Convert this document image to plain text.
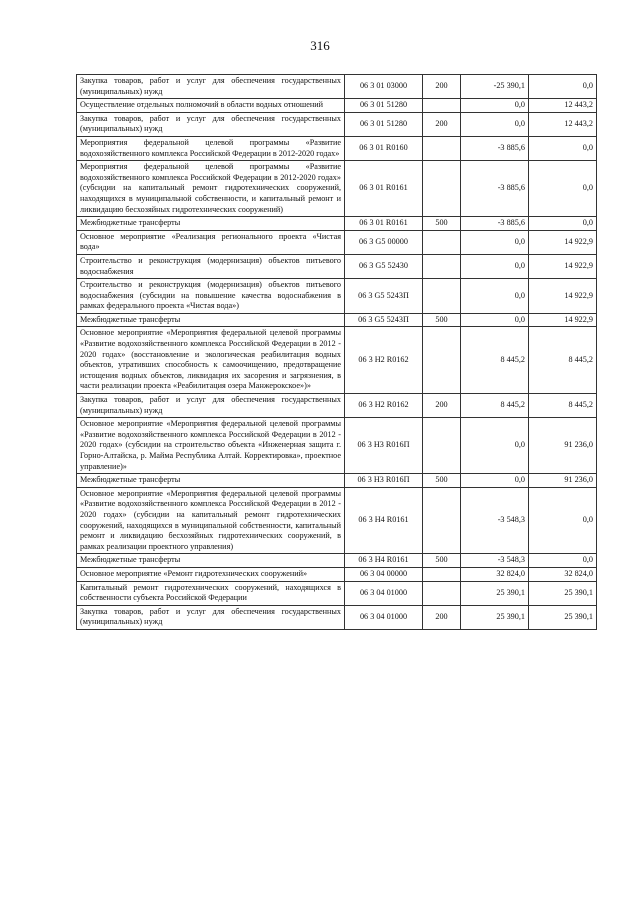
316
Закупка товаров, работ и услуг для обеспечения государственных (муниципальных) нужд	06 3 01 03000	200	-25 390,1	0,0
Осуществление отдельных полномочий в области водных отношений	06 3 01 51280		0,0	12 443,2
Закупка товаров, работ и услуг для обеспечения государственных (муниципальных) нужд	06 3 01 51280	200	0,0	12 443,2
Мероприятия федеральной целевой программы «Развитие водохозяйственного комплекса Российской Федерации в 2012-2020 годах»	06 3 01 R0160		-3 885,6	0,0
Мероприятия федеральной целевой программы «Развитие водохозяйственного комплекса Российской Федерации в 2012-2020 годах» (субсидии на капитальный ремонт гидротехнических сооружений, находящихся в муниципальной собственности, и капитальный ремонт и ликвидацию бесхозяйных гидротехнических сооружений)	06 3 01 R0161		-3 885,6	0,0
Межбюджетные трансферты	06 3 01 R0161	500	-3 885,6	0,0
Основное мероприятие «Реализация регионального проекта «Чистая вода»	06 3 G5 00000		0,0	14 922,9
Строительство и реконструкция (модернизация) объектов питьевого водоснабжения	06 3 G5 52430		0,0	14 922,9
Строительство и реконструкция (модернизация) объектов питьевого водоснабжения (субсидии на повышение качества водоснабжения в рамках федерального проекта «Чистая вода»)	06 3 G5 5243П		0,0	14 922,9
Межбюджетные трансферты	06 3 G5 5243П	500	0,0	14 922,9
Основное мероприятие «Мероприятия федеральной целевой программы «Развитие водохозяйственного комплекса Российской Федерации в 2012 - 2020 годах» (восстановление и экологическая реабилитация водных объектов, утративших способность к самоочищению, предотвращение истощения водных объектов, ликвидация их засорения и загрязнения, в части реализации проекта «Реабилитация озера Манжерокское»)»	06 3 Н2 R0162		8 445,2	8 445,2
Закупка товаров, работ и услуг для обеспечения государственных (муниципальных) нужд	06 3 Н2 R0162	200	8 445,2	8 445,2
Основное мероприятие «Мероприятия федеральной целевой программы «Развитие водохозяйственного комплекса Российской Федерации в 2012 - 2020 годах» (субсидии на строительство объекта «Инженерная защита г. Горно-Алтайска, р. Майма Республика Алтай. Корректировка», проектное управление)»	06 3 Н3 R016П		0,0	91 236,0
Межбюджетные трансферты	06 3 Н3 R016П	500	0,0	91 236,0
Основное мероприятие «Мероприятия федеральной целевой программы «Развитие водохозяйственного комплекса Российской Федерации в 2012 - 2020 годах» (субсидии на капитальный ремонт гидротехнических сооружений, находящихся в муниципальной собственности, капитальный ремонт и ликвидацию бесхозяйных гидротехнических сооружений, в рамках реализации проектного управления)	06 3 Н4 R0161		-3 548,3	0,0
Межбюджетные трансферты	06 3 Н4 R0161	500	-3 548,3	0,0
Основное мероприятие «Ремонт гидротехнических сооружений»	06 3 04 00000		32 824,0	32 824,0
Капитальный ремонт гидротехнических сооружений, находящихся в собственности субъекта Российской Федерации	06 3 04 01000		25 390,1	25 390,1
Закупка товаров, работ и услуг для обеспечения государственных (муниципальных) нужд	06 3 04 01000	200	25 390,1	25 390,1
